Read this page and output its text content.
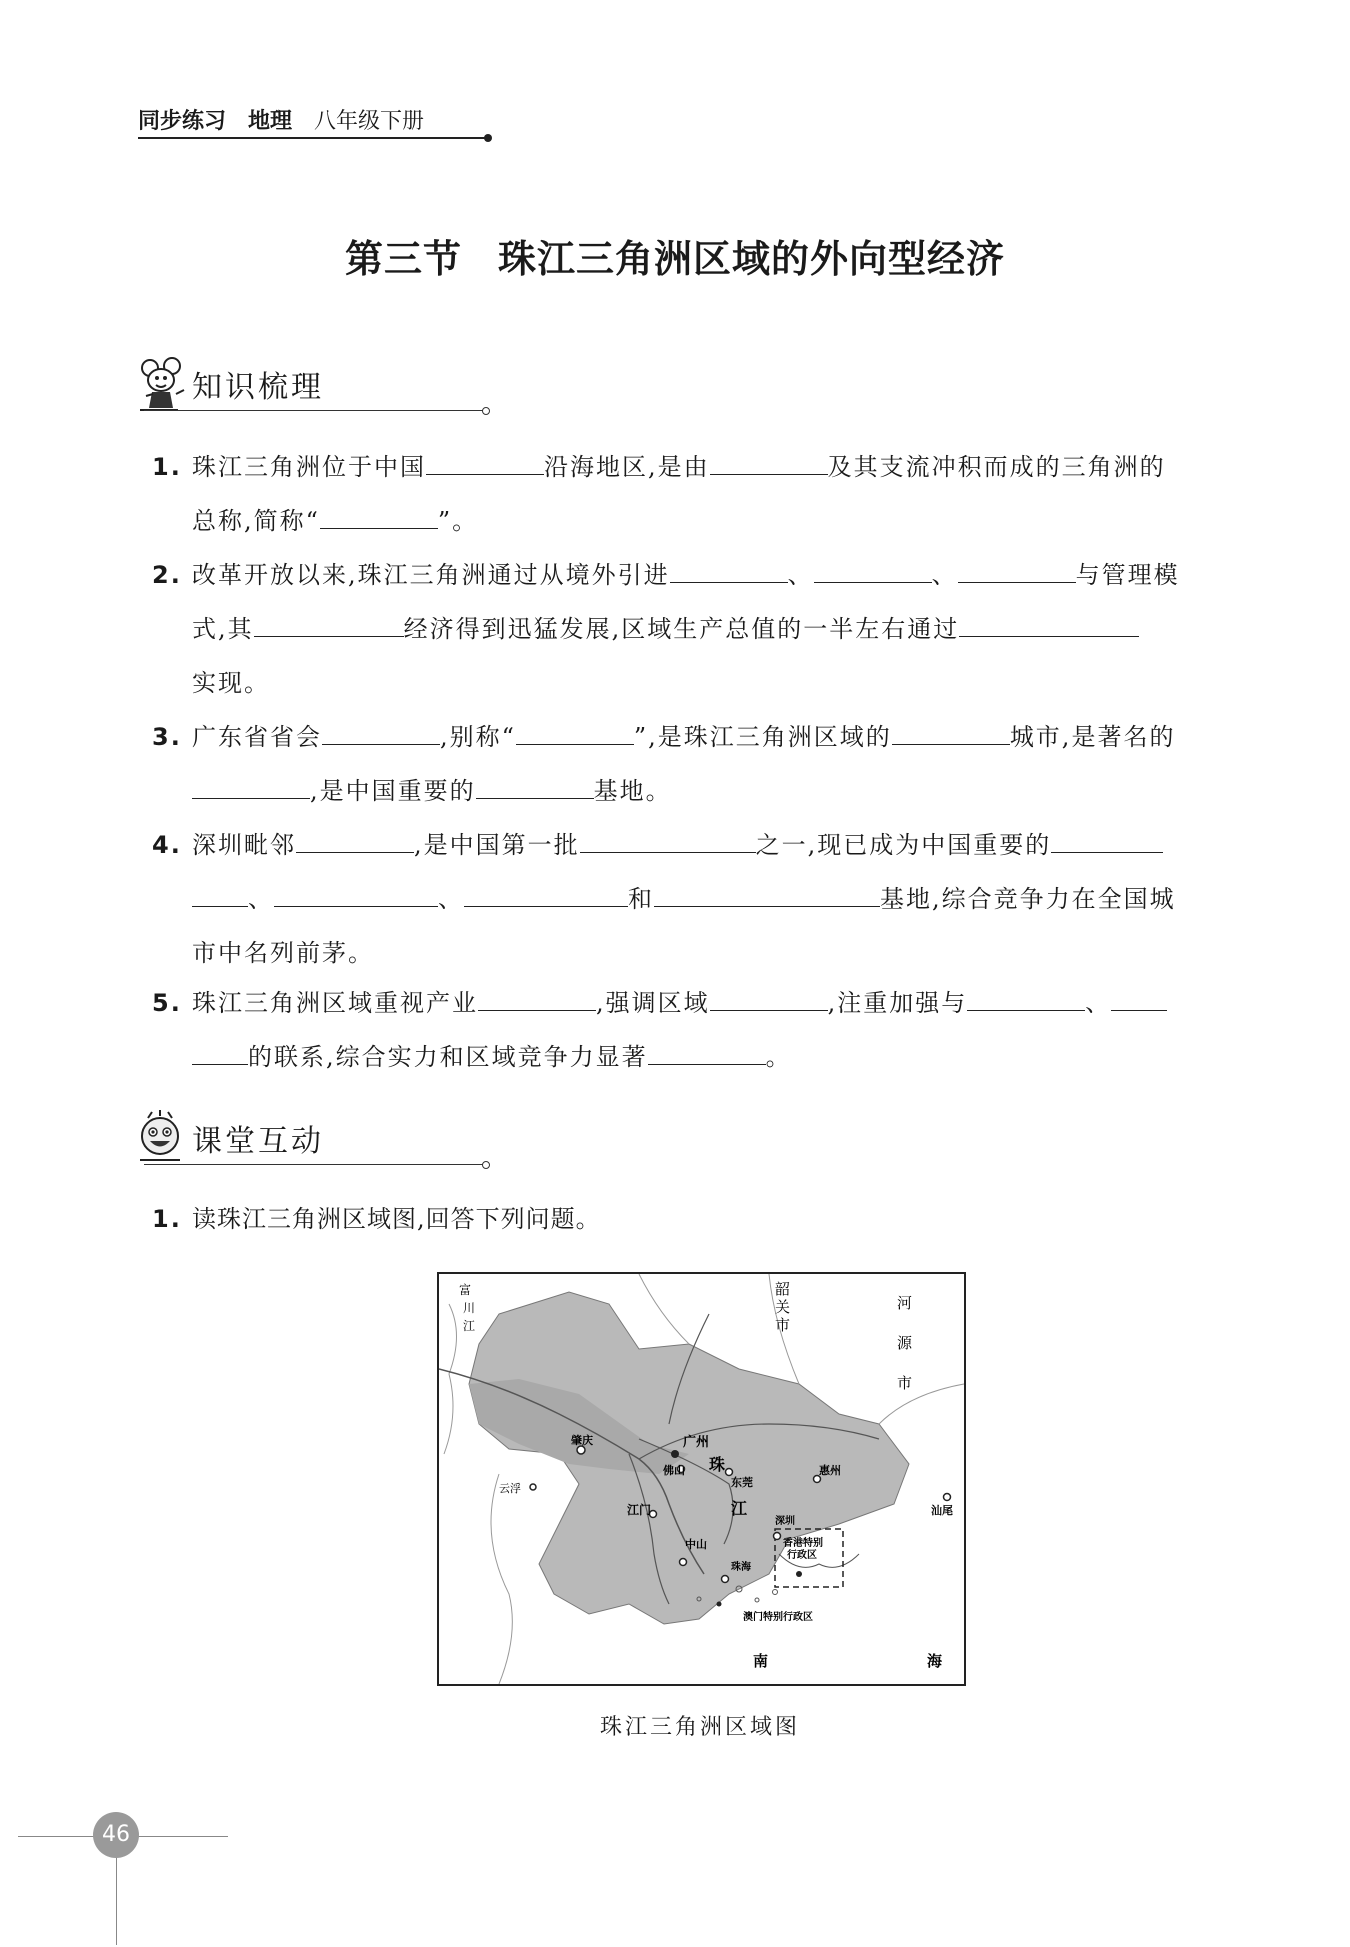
同步练习 地理 八年级下册
第三节 珠江三角洲区域的外向型经济
知识梳理
1. 珠江三角洲位于中国	沿海地区,是由	及其支流冲积而成的三角洲的
总称,简称“	”。
2. 改革开放以来,珠江三角洲通过从境外引进	、	、	与管理模
式,其	经济得到迅猛发展,区域生产总值的一半左右通过
实现。
3. 广东省省会	,别称“	”,是珠江三角洲区域的	城市,是著名的
,是中国重要的	基地。
4. 深圳毗邻	,是中国第一批	之一,现已成为中国重要的
、	、	和	基地,综合竞争力在全国城
市中名列前茅。
5. 珠江三角洲区域重视产业	,强调区域	,注重加强与	、
的联系,综合实力和区域竞争力显著	。
课堂互动
1. 读珠江三角洲区域图,回答下列问题。
富
川
江
韶
关
市
河
源
市
肇庆	广州
佛山 珠
东莞
惠州
云浮
江门	江
深圳
香港特别
行政区
中山
珠海
澳门特别行政区
汕尾
南	海
珠江三角洲区域图
46
